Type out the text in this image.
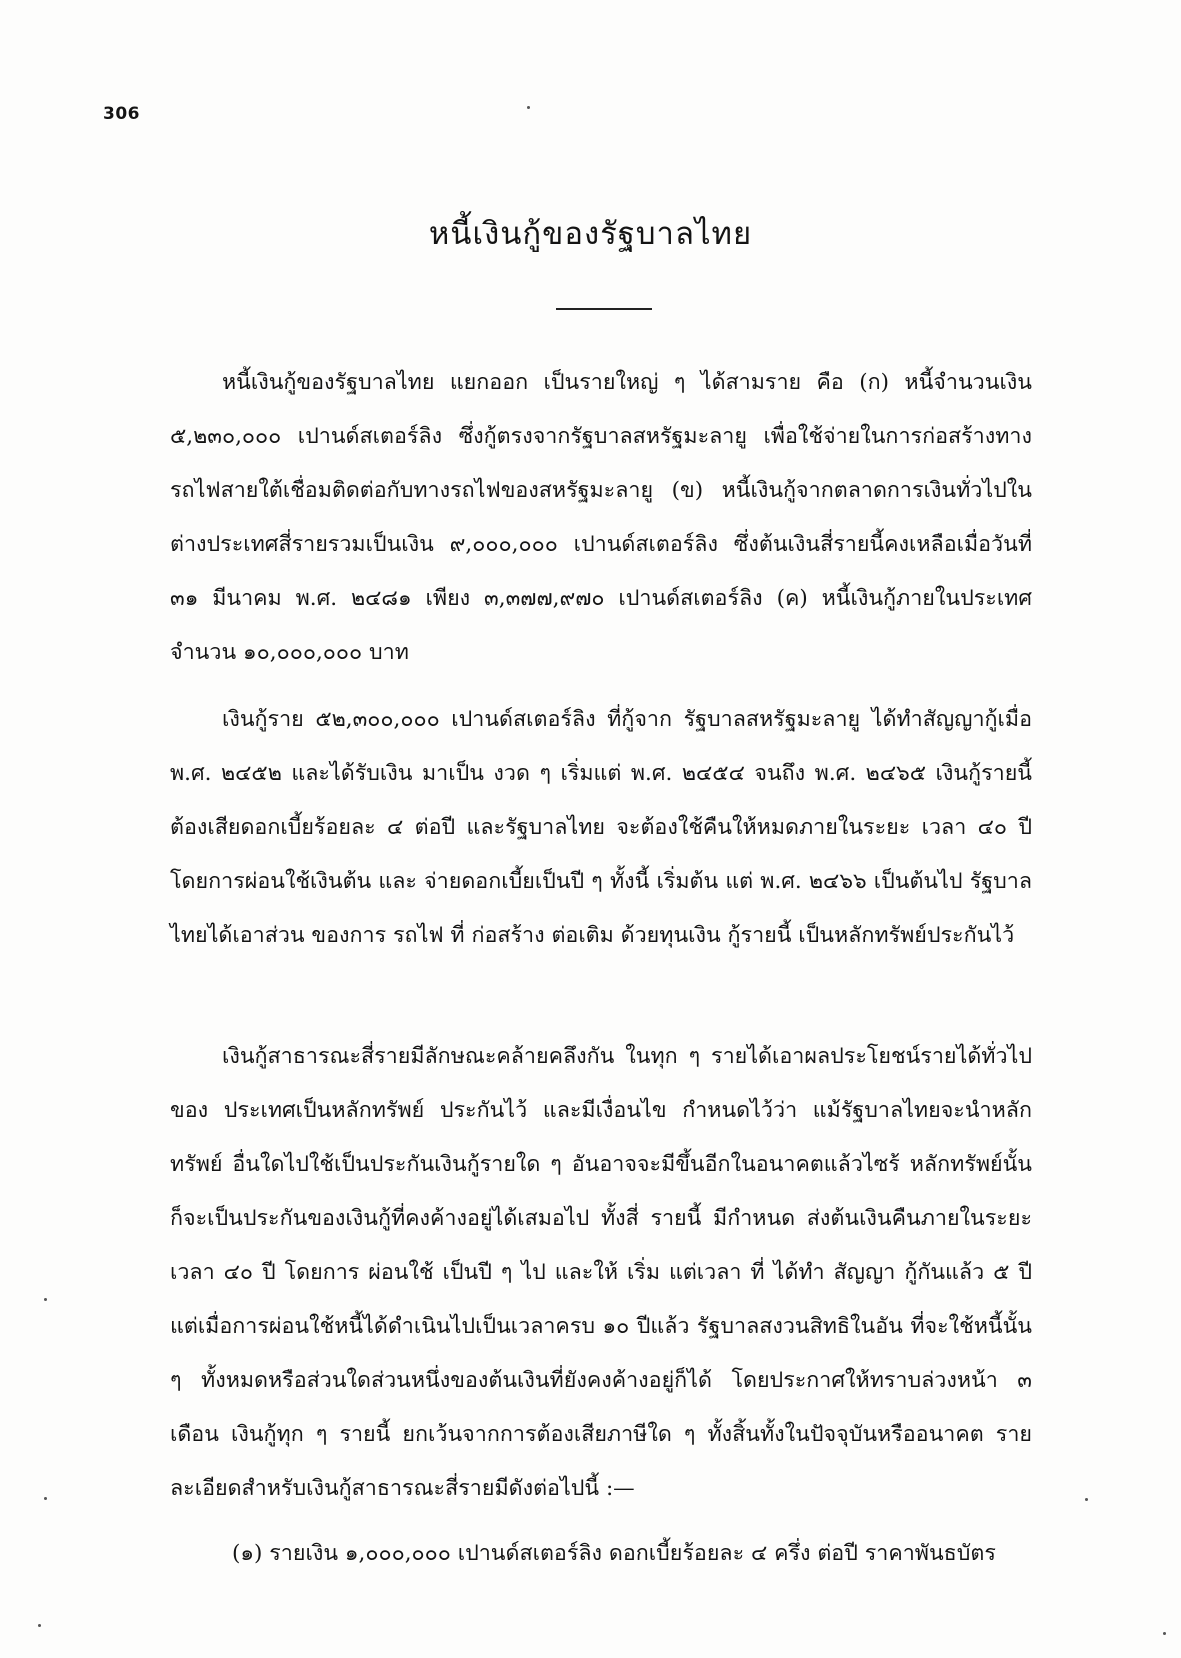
306
หนี้เงินกู้ของรัฐบาลไทย

หนี้เงินกู้ของรัฐบาลไทย แยกออก เป็นรายใหญ่ ๆ ได้สามราย คือ (ก) หนี้จำนวนเงิน ๕,๒๓๐,๐๐๐ เปานด์สเตอร์ลิง ซึ่งกู้ตรงจากรัฐบาลสหรัฐมะลายู เพื่อใช้จ่ายในการก่อสร้างทางรถไฟสายใต้เชื่อมติดต่อกับทางรถไฟของสหรัฐมะลายู (ข) หนี้เงินกู้จากตลาดการเงินทั่วไปในต่างประเทศสี่รายรวมเป็นเงิน ๙,๐๐๐,๐๐๐ เปานด์สเตอร์ลิง ซึ่งต้นเงินสี่รายนี้คงเหลือเมื่อวันที่ ๓๑ มีนาคม พ.ศ. ๒๔๘๑ เพียง ๓,๓๗๗,๙๗๐ เปานด์สเตอร์ลิง (ค) หนี้เงินกู้ภายในประเทศจำนวน ๑๐,๐๐๐,๐๐๐ บาท

เงินกู้ราย ๕๒,๓๐๐,๐๐๐ เปานด์สเตอร์ลิง ที่กู้จาก รัฐบาลสหรัฐมะลายู ได้ทำสัญญากู้เมื่อ พ.ศ. ๒๔๕๒ และได้รับเงิน มาเป็น งวด ๆ เริ่มแต่ พ.ศ. ๒๔๕๔ จนถึง พ.ศ. ๒๔๖๕ เงินกู้รายนี้ต้องเสียดอกเบี้ยร้อยละ ๔ ต่อปี และรัฐบาลไทย จะต้องใช้คืนให้หมดภายในระยะ เวลา ๔๐ ปี โดยการผ่อนใช้เงินต้น และ จ่ายดอกเบี้ยเป็นปี ๆ ทั้งนี้ เริ่มต้น แต่ พ.ศ. ๒๔๖๖ เป็นต้นไป รัฐบาลไทยได้เอาส่วน ของการ รถไฟ ที่ ก่อสร้าง ต่อเติม ด้วยทุนเงิน กู้รายนี้ เป็นหลักทรัพย์ประกันไว้

เงินกู้สาธารณะสี่รายมีลักษณะคล้ายคลึงกัน ในทุก ๆ รายได้เอาผลประโยชน์รายได้ทั่วไปของ ประเทศเป็นหลักทรัพย์ ประกันไว้ และมีเงื่อนไข กำหนดไว้ว่า แม้รัฐบาลไทยจะนำหลักทรัพย์ อื่นใดไปใช้เป็นประกันเงินกู้รายใด ๆ อันอาจจะมีขึ้นอีกในอนาคตแล้วไซร้ หลักทรัพย์นั้นก็จะเป็นประกันของเงินกู้ที่คงค้างอยู่ได้เสมอไป ทั้งสี่ รายนี้ มีกำหนด ส่งต้นเงินคืนภายในระยะเวลา ๔๐ ปี โดยการ ผ่อนใช้ เป็นปี ๆ ไป และให้ เริ่ม แต่เวลา ที่ ได้ทำ สัญญา กู้กันแล้ว ๕ ปี แต่เมื่อการผ่อนใช้หนี้ได้ดำเนินไปเป็นเวลาครบ ๑๐ ปีแล้ว รัฐบาลสงวนสิทธิในอัน ที่จะใช้หนี้นั้น ๆ ทั้งหมดหรือส่วนใดส่วนหนึ่งของต้นเงินที่ยังคงค้างอยู่ก็ได้ โดยประกาศให้ทราบล่วงหน้า ๓ เดือน เงินกู้ทุก ๆ รายนี้ ยกเว้นจากการต้องเสียภาษีใด ๆ ทั้งสิ้นทั้งในปัจจุบันหรืออนาคต รายละเอียดสำหรับเงินกู้สาธารณะสี่รายมีดังต่อไปนี้ :—

(๑) รายเงิน ๑,๐๐๐,๐๐๐ เปานด์สเตอร์ลิง ดอกเบี้ยร้อยละ ๔ ครึ่ง ต่อปี ราคาพันธบัตร
